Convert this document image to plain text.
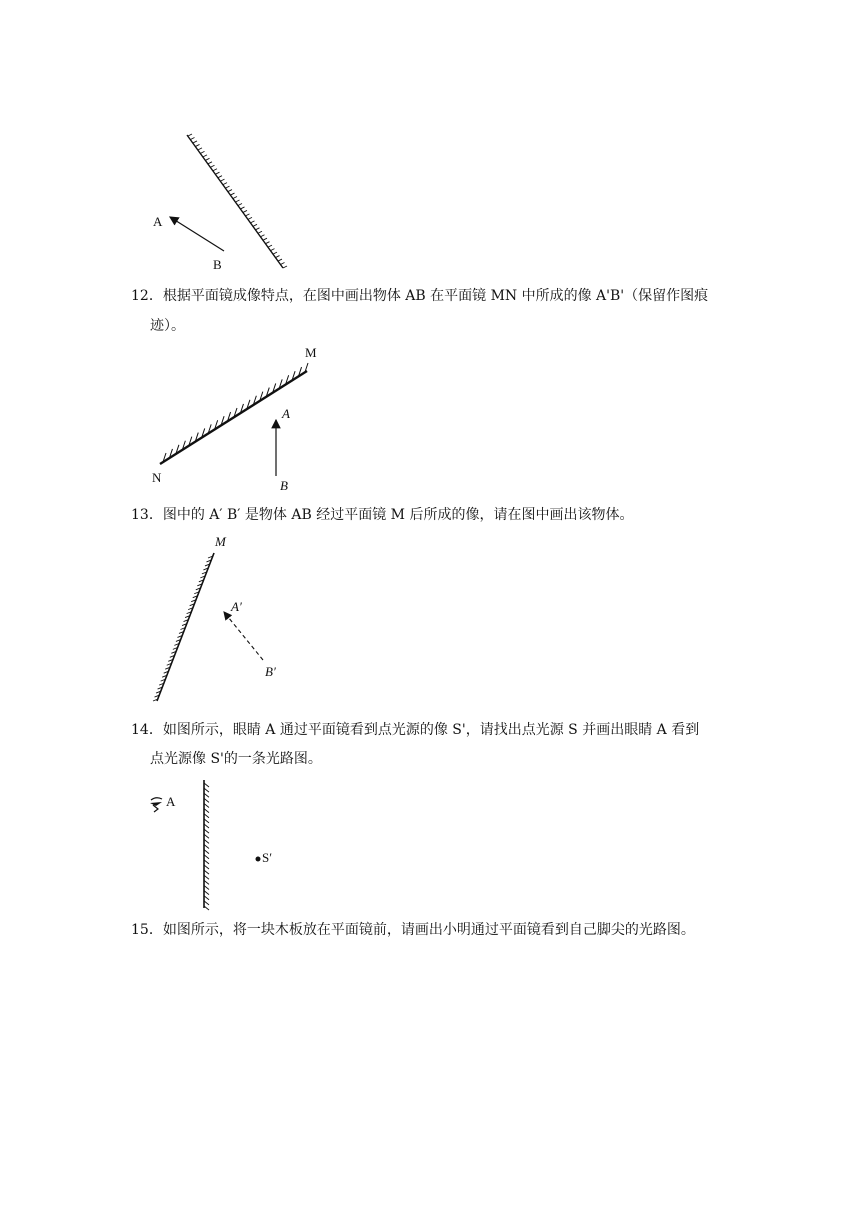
A
B
12．根据平面镜成像特点，在图中画出物体 AB 在平面镜 MN 中所成的像 A'B'（保留作图痕
迹）。
M
N
A
B
13．图中的 A′ B′ 是物体 AB 经过平面镜 M 后所成的像，请在图中画出该物体。
M
A′
B′
14．如图所示，眼睛 A 通过平面镜看到点光源的像 S'，请找出点光源 S 并画出眼睛 A 看到
点光源像 S'的一条光路图。
A
S′
15．如图所示，将一块木板放在平面镜前，请画出小明通过平面镜看到自己脚尖的光路图。
